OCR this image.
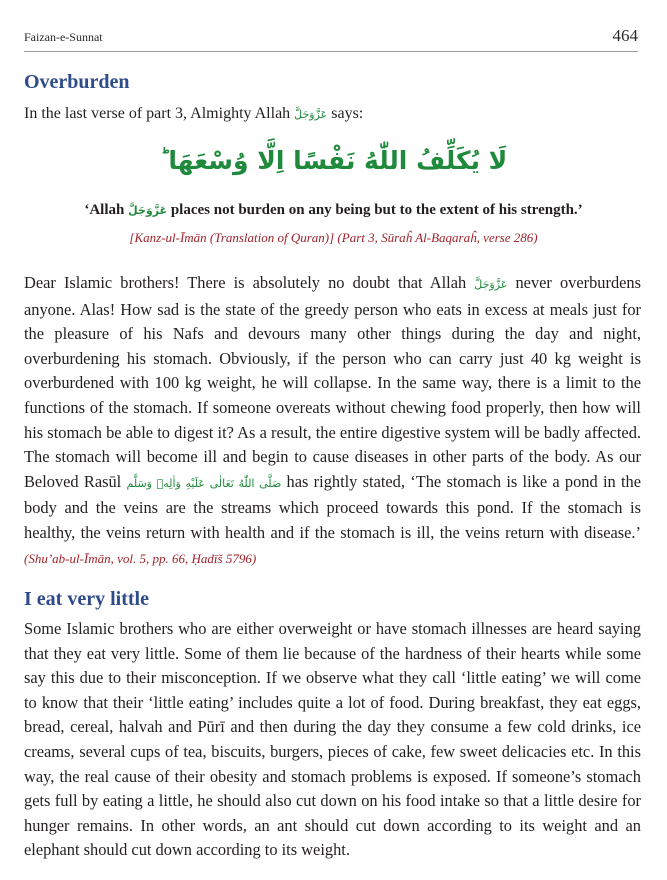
Faizan-e-Sunnat	464
Overburden
In the last verse of part 3, Almighty Allah عَزَّوَجَلَّ says:
لَا يُكَلِّفُ اللّٰهُ نَفْسًا اِلَّا وُسْعَهَا ؕ
‘Allah عَزَّوَجَلَّ places not burden on any being but to the extent of his strength.’
[Kanz-ul-Īmān (Translation of Quran)] (Part 3, Sūraĥ Al-Baqaraĥ, verse 286)

Dear Islamic brothers! There is absolutely no doubt that Allah عَزَّوَجَلَّ never overburdens anyone. Alas! How sad is the state of the greedy person who eats in excess at meals just for the pleasure of his Nafs and devours many other things during the day and night, overburdening his stomach. Obviously, if the person who can carry just 40 kg weight is overburdened with 100 kg weight, he will collapse. In the same way, there is a limit to the functions of the stomach. If someone overeats without chewing food properly, then how will his stomach be able to digest it? As a result, the entire digestive system will be badly affected. The stomach will become ill and begin to cause diseases in other parts of the body. As our Beloved Rasūl صَلَّى اللّٰهُ تَعَالٰى عَلَيْهِ وَاٰلِهٖ وَسَلَّم has rightly stated, ‘The stomach is like a pond in the body and the veins are the streams which proceed towards this pond. If the stomach is healthy, the veins return with health and if the stomach is ill, the veins return with disease.’ (Shu’ab-ul-Īmān, vol. 5, pp. 66, Ḥadīš 5796)

I eat very little

Some Islamic brothers who are either overweight or have stomach illnesses are heard saying that they eat very little. Some of them lie because of the hardness of their hearts while some say this due to their misconception. If we observe what they call ‘little eating’ we will come to know that their ‘little eating’ includes quite a lot of food. During breakfast, they eat eggs, bread, cereal, halvah and Pūrī and then during the day they consume a few cold drinks, ice creams, several cups of tea, biscuits, burgers, pieces of cake, few sweet delicacies etc. In this way, the real cause of their obesity and stomach problems is exposed. If someone’s stomach gets full by eating a little, he should also cut down on his food intake so that a little desire for hunger remains. In other words, an ant should cut down according to its weight and an elephant should cut down according to its weight.
